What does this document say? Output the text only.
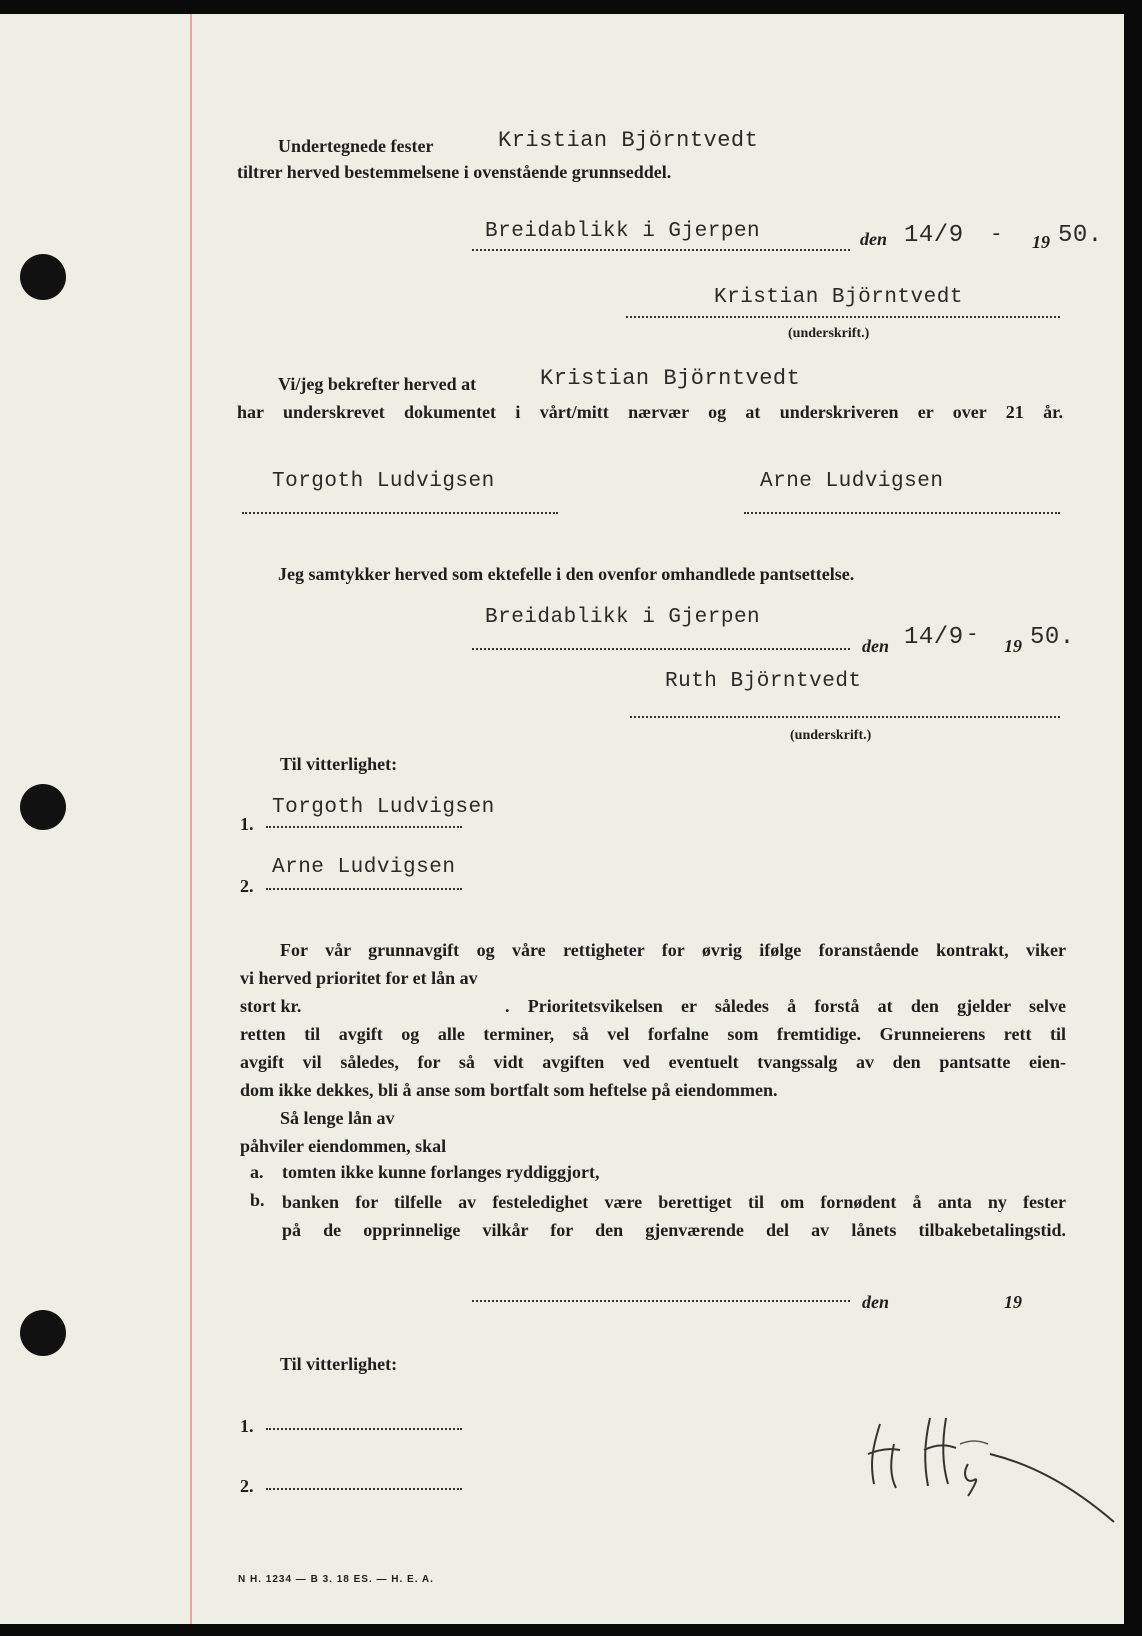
Undertegnede fester	Kristian Björntvedt
tiltrer herved bestemmelsene i ovenstående grunnseddel.
Breidablikk i Gjerpen	den 14/9 - 19 50.
Kristian Björntvedt
(underskrift.)
Vi/jeg bekrefter herved at	Kristian Björntvedt
har underskrevet dokumentet i vårt/mitt nærvær og at underskriveren er over 21 år.
Torgoth Ludvigsen	Arne Ludvigsen
Jeg samtykker herved som ektefelle i den ovenfor omhandlede pantsettelse.
Breidablikk i Gjerpen
den 14/9 - 19 50.
Ruth Björntvedt
(underskrift.)
Til vitterlighet:
1.
Torgoth Ludvigsen
2.
Arne Ludvigsen
For vår grunnavgift og våre rettigheter for øvrig ifølge foranstående kontrakt, viker
vi herved prioritet for et lån av
stort kr.	. Prioritetsvikelsen er således å forstå at den gjelder selve
retten til avgift og alle terminer, så vel forfalne som fremtidige. Grunneierens rett til
avgift vil således, for så vidt avgiften ved eventuelt tvangssalg av den pantsatte eien-
dom ikke dekkes, bli å anse som bortfalt som heftelse på eiendommen.
Så lenge lån av
påhviler eiendommen, skal
a. tomten ikke kunne forlanges ryddiggjort,
b. banken for tilfelle av festeledighet være berettiget til om fornødent å anta ny fester
på de opprinnelige vilkår for den gjenværende del av lånets tilbakebetalingstid.
den	19
Til vitterlighet:
1.
2.
N H. 1234 — B 3. 18 ES. — H. E. A.
